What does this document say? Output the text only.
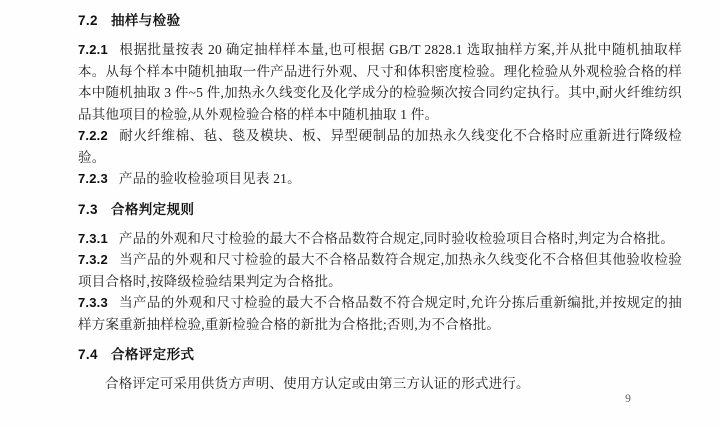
7.2 抽样与检验

7.2.1 根据批量按表 20 确定抽样样本量,也可根据 GB/T 2828.1 选取抽样方案,并从批中随机抽取样本。从每个样本中随机抽取一件产品进行外观、尺寸和体积密度检验。理化检验从外观检验合格的样本中随机抽取 3 件~5 件,加热永久线变化及化学成分的检验频次按合同约定执行。其中,耐火纤维纺织品其他项目的检验,从外观检验合格的样本中随机抽取 1 件。

7.2.2 耐火纤维棉、毡、毯及模块、板、异型硬制品的加热永久线变化不合格时应重新进行降级检验。

7.2.3 产品的验收检验项目见表 21。

7.3 合格判定规则

7.3.1 产品的外观和尺寸检验的最大不合格品数符合规定,同时验收检验项目合格时,判定为合格批。

7.3.2 当产品的外观和尺寸检验的最大不合格品数符合规定,加热永久线变化不合格但其他验收检验项目合格时,按降级检验结果判定为合格批。

7.3.3 当产品的外观和尺寸检验的最大不合格品数不符合规定时,允许分拣后重新编批,并按规定的抽样方案重新抽样检验,重新检验合格的新批为合格批;否则,为不合格批。

7.4 合格评定形式

合格评定可采用供货方声明、使用方认定或由第三方认证的形式进行。

9
